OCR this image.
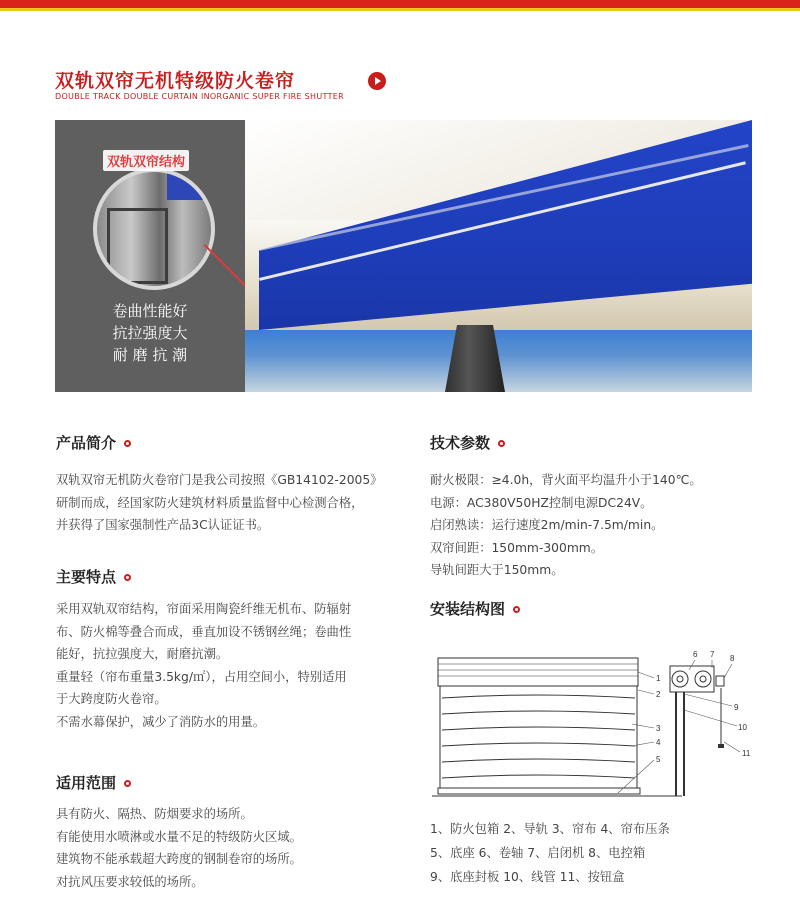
双轨双帘无机特级防火卷帘
DOUBLE TRACK DOUBLE CURTAIN INORGANIC SUPER FIRE SHUTTER
双轨双帘结构
卷曲性能好
抗拉强度大
耐 磨 抗 潮
产品简介
双轨双帘无机防火卷帘门是我公司按照《GB14102-2005》
研制而成，经国家防火建筑材料质量监督中心检测合格，
并获得了国家强制性产品3C认证证书。
主要特点
采用双轨双帘结构，帘面采用陶瓷纤维无机布、防辐射
布、防火棉等叠合而成，垂直加设不锈钢丝绳；卷曲性
能好，抗拉强度大，耐磨抗潮。
重量轻（帘布重量3.5kg/㎡），占用空间小，特别适用
于大跨度防火卷帘。
不需水幕保护，减少了消防水的用量。
适用范围
具有防火、隔热、防烟要求的场所。
有能使用水喷淋或水量不足的特级防火区域。
建筑物不能承载超大跨度的钢制卷帘的场所。
对抗风压要求较低的场所。
技术参数
耐火极限：≥4.0h，背火面平均温升小于140℃。
电源：AC380V50HZ控制电源DC24V。
启闭熟读：运行速度2m/min-7.5m/min。
双帘间距：150mm-300mm。
导轨间距大于150mm。
安装结构图
1
2
3
4
5
6 7 8
9
10
11
1、防火包箱 2、导轨 3、帘布 4、帘布压条
5、底座 6、卷轴 7、启闭机 8、电控箱
9、底座封板 10、线管 11、按钮盒
